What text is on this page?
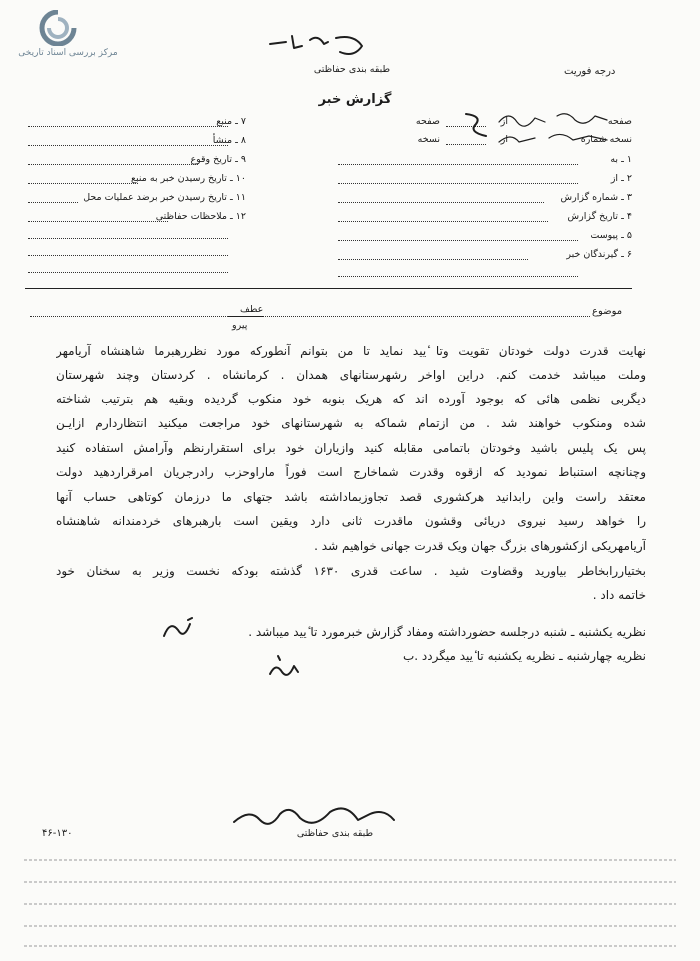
مرکز بررسی اسناد تاریخی
طبقه بندی حفاظتی	درجه فوریت
گزارش خبر
۷ ـ منبع
۸ ـ منشأ
۹ ـ تاریخ وقوع
۱۰ ـ تاریخ رسیدن خبر به منبع
۱۱ ـ تاریخ رسیدن خبر برضد عملیات محل
۱۲ ـ ملاحظات حفاظتی
صفحه
از
صفحه
نسخه شماره
از
نسخه
۱ ـ به
۲ ـ از
۳ ـ شماره گزارش
۴ ـ تاریخ گزارش
۵ ـ پیوست
۶ ـ گیرندگان خبر
موضوع
عطف
پیرو
نهایت قدرت دولت خودتان تقویت وتا ٔیید نماید تا من بتوانم آنطورکه مورد نظررهبرما شاهنشاه آریامهر
وملت میباشد خدمت کنم. دراین اواخر رشهرستانهای همدان . کرمانشاه . کردستان وچند شهرستان
دیگربی نظمی هائی که بوجود آورده اند که هریک بنوبه خود منکوب گردیده وبقیه هم بترتیب شناخته
شده ومنکوب خواهند شد . من ازتمام شماکه به شهرستانهای خود مراجعت میکنید انتظاردارم ازایـن
پس یک پلیس باشید وخودتان باتمامی مقابله کنید وازیاران خود برای استقرارنظم وآرامش استفاده کنید
وچنانچه استنباط نمودید که ازقوه وقدرت شماخارج است فوراً ماراوحزب رادرجریان امرقراردهید دولت
معتقد راست واین رابدانید هرکشوری قصد تجاوزبماداشته باشد جتهای ما درزمان کوتاهی حساب آنها
را خواهد رسید نیروی دریائی وقشون ماقدرت ثانی دارد ویقین است بارهبرهای خردمندانه شاهنشاه
آریامهریکی ازکشورهای بزرگ جهان ویک قدرت جهانی خواهیم شد .
بختیاررابخاطر بیاورید وقضاوت شید . ساعت قدری ۱۶۳۰ گذشته بودکه نخست وزیر به سخنان خود
خاتمه داد .
نظریه یکشنبه ـ شنبه درجلسه حضورداشته ومفاد گزارش خبرمورد تا ٔیید میباشد .
نظریه چهارشنبه ـ نظریه یکشنبه تا ٔیید میگردد .ب
طبقه بندی حفاظتی
۴۶-۱۳۰
